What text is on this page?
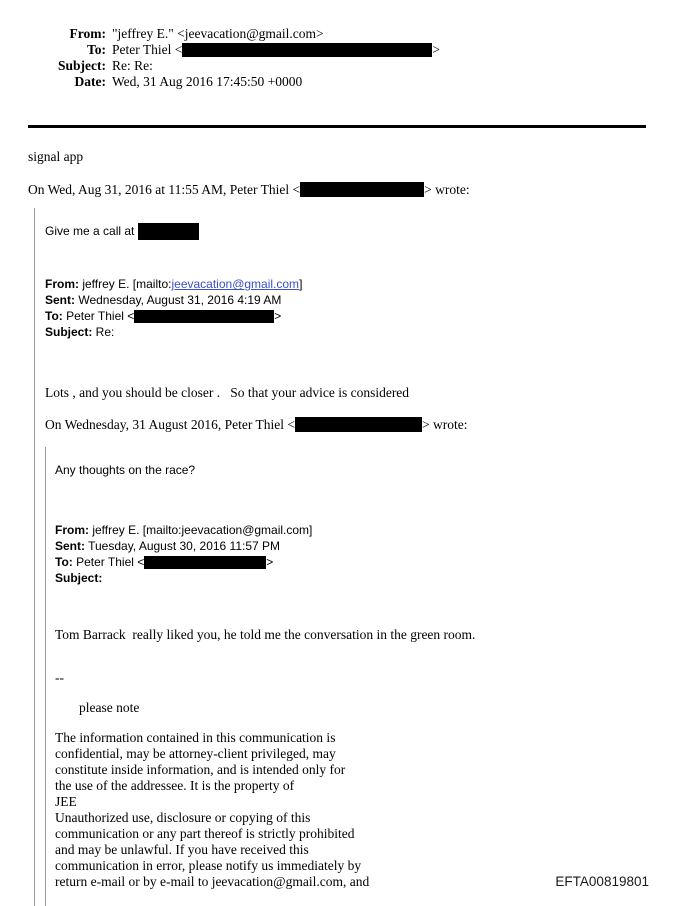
From: "jeffrey E." <jeevacation@gmail.com>
To: Peter Thiel <	>
Subject: Re: Re:
Date: Wed, 31 Aug 2016 17:45:50 +0000

signal app

On Wed, Aug 31, 2016 at 11:55 AM, Peter Thiel <	> wrote:

Give me a call at

From: jeffrey E. [mailto:jeevacation@gmail.com]
Sent: Wednesday, August 31, 2016 4:19 AM
To: Peter Thiel <	>
Subject: Re:

Lots , and you should be closer .   So that your advice is considered

On Wednesday, 31 August 2016, Peter Thiel <	> wrote:

Any thoughts on the race?

From: jeffrey E. [mailto:jeevacation@gmail.com]
Sent: Tuesday, August 30, 2016 11:57 PM
To: Peter Thiel <	>
Subject:

Tom Barrack  really liked you, he told me the conversation in the green room.

--

please note

The information contained in this communication is
confidential, may be attorney-client privileged, may
constitute inside information, and is intended only for
the use of the addressee. It is the property of
JEE
Unauthorized use, disclosure or copying of this
communication or any part thereof is strictly prohibited
and may be unlawful. If you have received this
communication in error, please notify us immediately by
return e-mail or by e-mail to jeevacation@gmail.com, and	EFTA00819801
